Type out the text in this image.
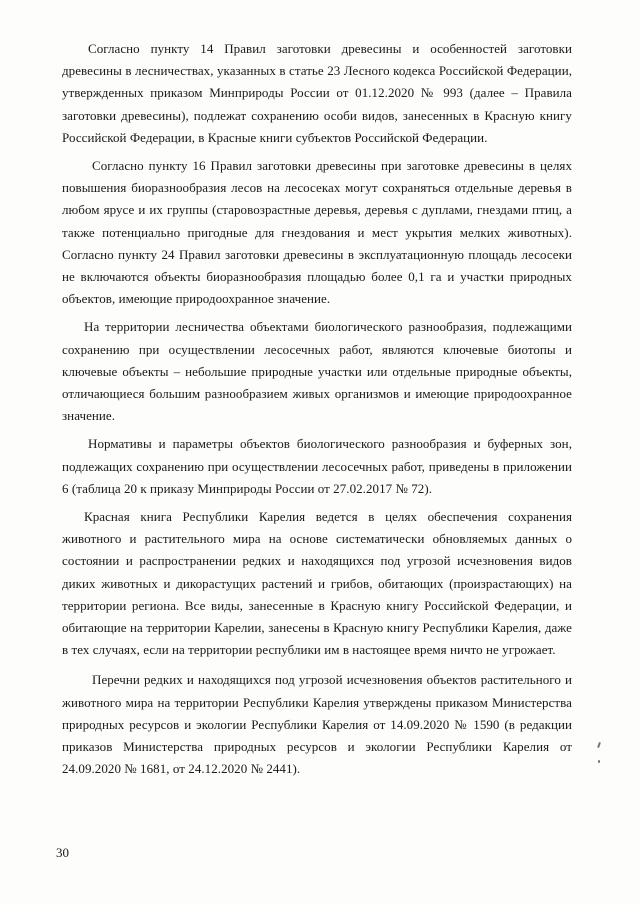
Согласно пункту 14 Правил заготовки древесины и особенностей заготовки древесины в лесничествах, указанных в статье 23 Лесного кодекса Российской Федерации, утвержденных приказом Минприроды России от 01.12.2020 № 993 (далее – Правила заготовки древесины), подлежат сохранению особи видов, занесенных в Красную книгу Российской Федерации, в Красные книги субъектов Российской Федерации.

Согласно пункту 16 Правил заготовки древесины при заготовке древесины в целях повышения биоразнообразия лесов на лесосеках могут сохраняться отдельные деревья в любом ярусе и их группы (старовозрастные деревья, деревья с дуплами, гнездами птиц, а также потенциально пригодные для гнездования и мест укрытия мелких животных). Согласно пункту 24 Правил заготовки древесины в эксплуатационную площадь лесосеки не включаются объекты биоразнообразия площадью более 0,1 га и участки природных объектов, имеющие природоохранное значение.

На территории лесничества объектами биологического разнообразия, подлежащими сохранению при осуществлении лесосечных работ, являются ключевые биотопы и ключевые объекты – небольшие природные участки или отдельные природные объекты, отличающиеся большим разнообразием живых организмов и имеющие природоохранное значение.

Нормативы и параметры объектов биологического разнообразия и буферных зон, подлежащих сохранению при осуществлении лесосечных работ, приведены в приложении 6 (таблица 20 к приказу Минприроды России от 27.02.2017 № 72).

Красная книга Республики Карелия ведется в целях обеспечения сохранения животного и растительного мира на основе систематически обновляемых данных о состоянии и распространении редких и находящихся под угрозой исчезновения видов диких животных и дикорастущих растений и грибов, обитающих (произрастающих) на территории региона. Все виды, занесенные в Красную книгу Российской Федерации, и обитающие на территории Карелии, занесены в Красную книгу Республики Карелия, даже в тех случаях, если на территории республики им в настоящее время ничто не угрожает.

Перечни редких и находящихся под угрозой исчезновения объектов растительного и животного мира на территории Республики Карелия утверждены приказом Министерства природных ресурсов и экологии Республики Карелия от 14.09.2020 № 1590 (в редакции приказов Министерства природных ресурсов и экологии Республики Карелия от 24.09.2020 № 1681, от 24.12.2020 № 2441).

30
